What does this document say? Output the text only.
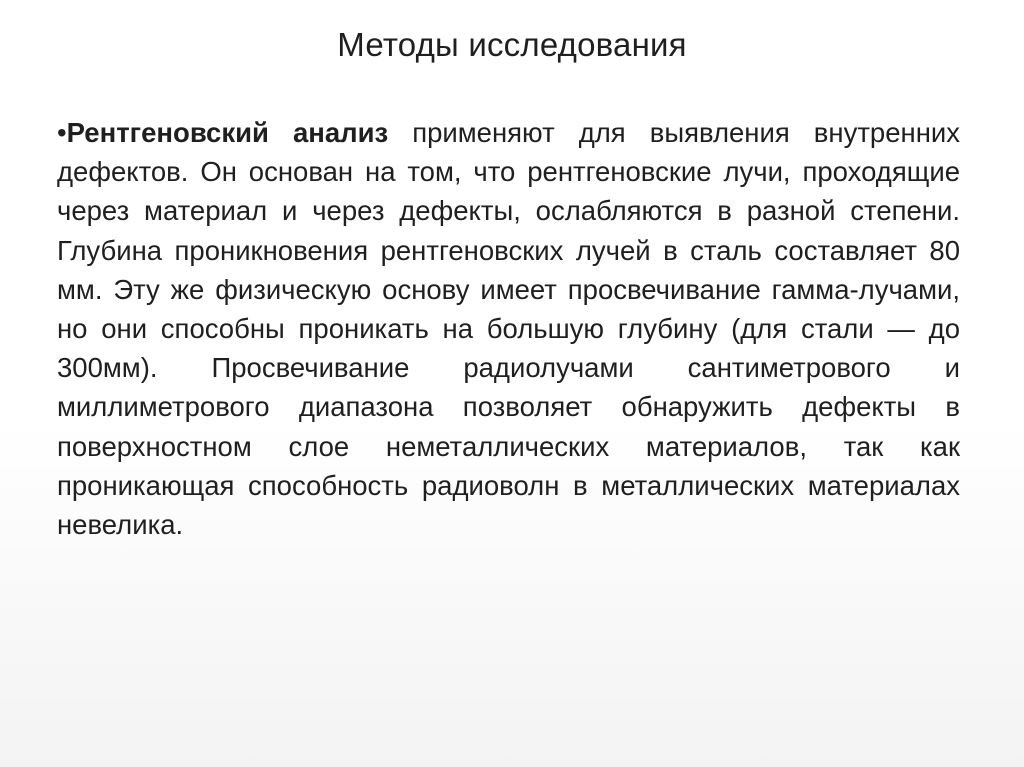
Методы исследования

•Рентгеновский анализ применяют для выявления внутренних дефектов. Он основан на том, что рентгеновские лучи, проходящие через материал и через дефекты, ослабляются в разной степени. Глубина проникновения рентгеновских лучей в сталь составляет 80 мм. Эту же физическую основу имеет просвечивание гамма-лучами, но они способны проникать на большую глубину (для стали — до 300мм). Просвечивание радиолучами сантиметрового и миллиметрового диапазона позволяет обнаружить дефекты в поверхностном слое неметаллических материалов, так как проникающая способность радиоволн в металлических материалах невелика.
